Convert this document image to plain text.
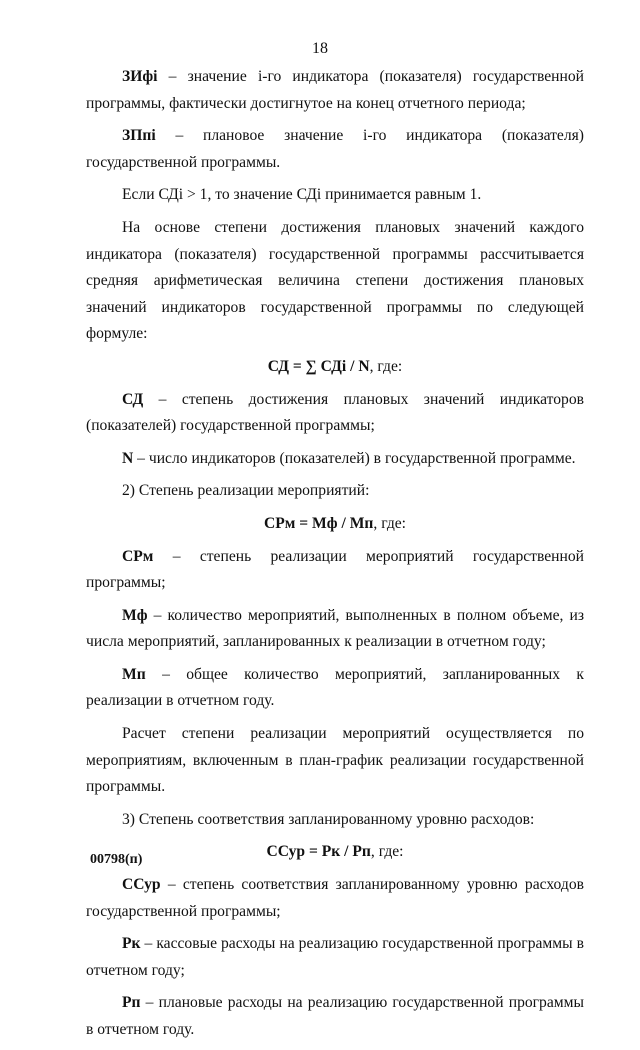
18

ЗИфi – значение i-го индикатора (показателя) государственной программы, фактически достигнутое на конец отчетного периода;

ЗПпi – плановое значение i-го индикатора (показателя) государственной программы.

Если СДi > 1, то значение СДi принимается равным 1.

На основе степени достижения плановых значений каждого индикатора (показателя) государственной программы рассчитывается средняя арифметическая величина степени достижения плановых значений индикаторов государственной программы по следующей формуле:

СД = ∑ СДi / N, где:

СД – степень достижения плановых значений индикаторов (показателей) государственной программы;

N – число индикаторов (показателей) в государственной программе.

2) Степень реализации мероприятий:

СРм = Мф / Мп, где:

СРм – степень реализации мероприятий государственной программы;

Мф – количество мероприятий, выполненных в полном объеме, из числа мероприятий, запланированных к реализации в отчетном году;

Мп – общее количество мероприятий, запланированных к реализации в отчетном году.

Расчет степени реализации мероприятий осуществляется по мероприятиям, включенным в план-график реализации государственной программы.

3) Степень соответствия запланированному уровню расходов:

ССур = Рк / Рп, где:

ССур – степень соответствия запланированному уровню расходов государственной программы;

Рк – кассовые расходы на реализацию государственной программы в отчетном году;

Рп – плановые расходы на реализацию государственной программы в отчетном году.

00798(п)
